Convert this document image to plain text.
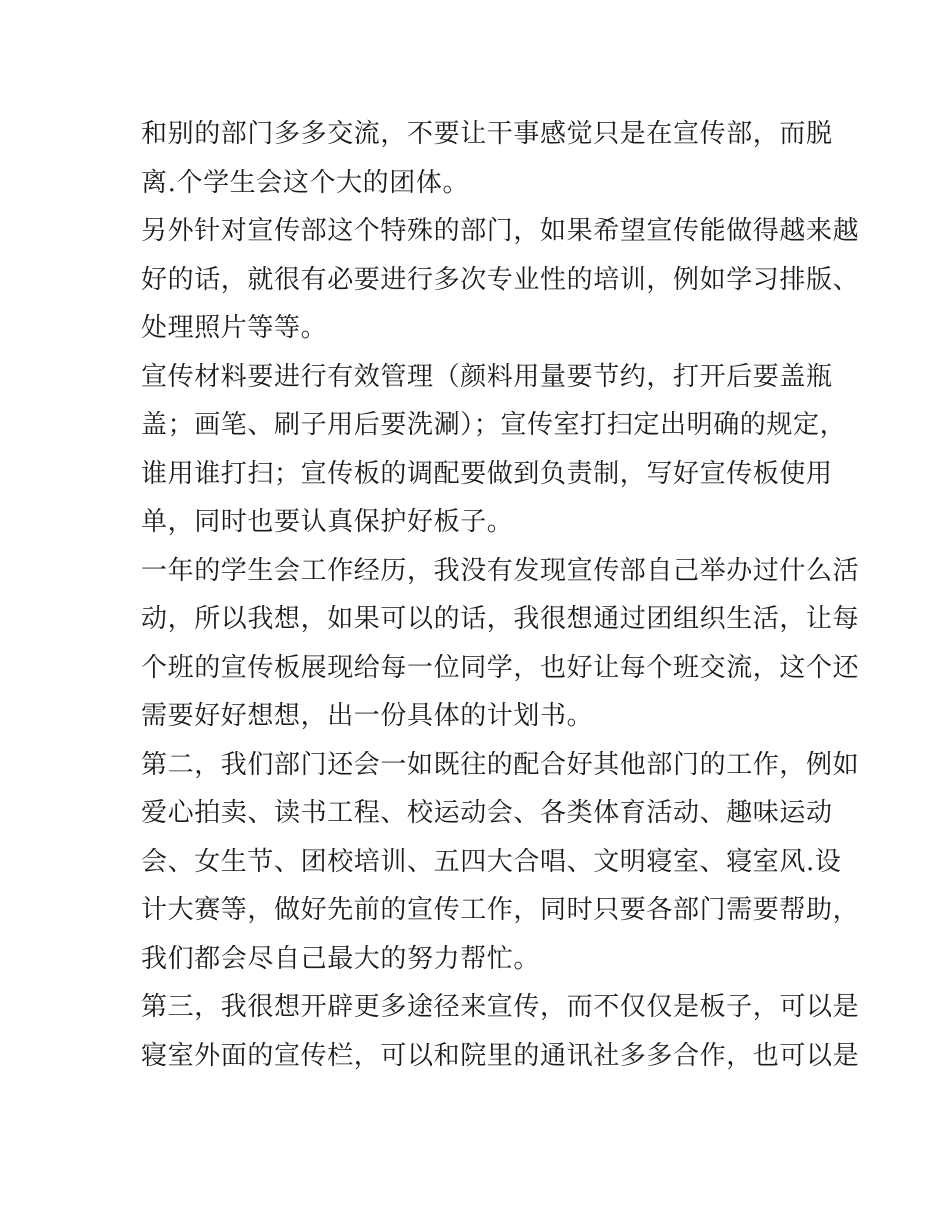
和别的部门多多交流，不要让干事感觉只是在宣传部，而脱
离.个学生会这个大的团体。
另外针对宣传部这个特殊的部门，如果希望宣传能做得越来越
好的话，就很有必要进行多次专业性的培训，例如学习排版、
处理照片等等。
宣传材料要进行有效管理（颜料用量要节约，打开后要盖瓶
盖；画笔、刷子用后要洗涮）；宣传室打扫定出明确的规定，
谁用谁打扫；宣传板的调配要做到负责制，写好宣传板使用
单，同时也要认真保护好板子。
一年的学生会工作经历，我没有发现宣传部自己举办过什么活
动，所以我想，如果可以的话，我很想通过团组织生活，让每
个班的宣传板展现给每一位同学，也好让每个班交流，这个还
需要好好想想，出一份具体的计划书。
第二，我们部门还会一如既往的配合好其他部门的工作，例如
爱心拍卖、读书工程、校运动会、各类体育活动、趣味运动
会、女生节、团校培训、五四大合唱、文明寝室、寝室风.设
计大赛等，做好先前的宣传工作，同时只要各部门需要帮助，
我们都会尽自己最大的努力帮忙。
第三，我很想开辟更多途径来宣传，而不仅仅是板子，可以是
寝室外面的宣传栏，可以和院里的通讯社多多合作，也可以是
